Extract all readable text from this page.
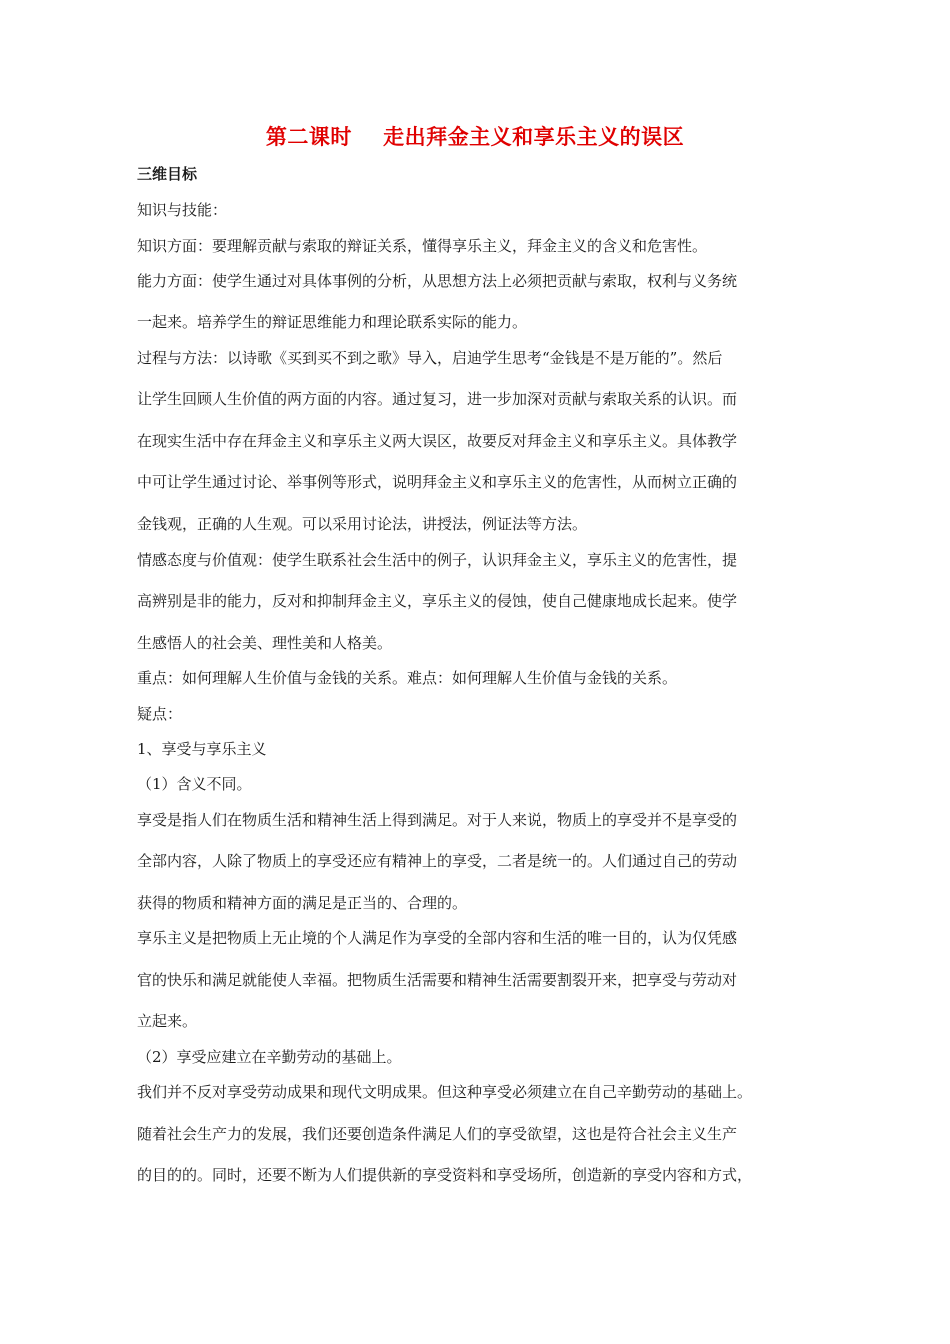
第二课时    走出拜金主义和享乐主义的误区

三维目标

知识与技能：

知识方面：要理解贡献与索取的辩证关系，懂得享乐主义，拜金主义的含义和危害性。

能力方面：使学生通过对具体事例的分析，从思想方法上必须把贡献与索取，权利与义务统

一起来。培养学生的辩证思维能力和理论联系实际的能力。

过程与方法：以诗歌《买到买不到之歌》导入，启迪学生思考“金钱是不是万能的”。然后

让学生回顾人生价值的两方面的内容。通过复习，进一步加深对贡献与索取关系的认识。而

在现实生活中存在拜金主义和享乐主义两大误区，故要反对拜金主义和享乐主义。具体教学

中可让学生通过讨论、举事例等形式，说明拜金主义和享乐主义的危害性，从而树立正确的

金钱观，正确的人生观。可以采用讨论法，讲授法，例证法等方法。

情感态度与价值观：使学生联系社会生活中的例子，认识拜金主义，享乐主义的危害性，提

高辨别是非的能力，反对和抑制拜金主义，享乐主义的侵蚀，使自己健康地成长起来。使学

生感悟人的社会美、理性美和人格美。

重点：如何理解人生价值与金钱的关系。难点：如何理解人生价值与金钱的关系。

疑点：

1、享受与享乐主义

（1）含义不同。

享受是指人们在物质生活和精神生活上得到满足。对于人来说，物质上的享受并不是享受的

全部内容，人除了物质上的享受还应有精神上的享受，二者是统一的。人们通过自己的劳动

获得的物质和精神方面的满足是正当的、合理的。

享乐主义是把物质上无止境的个人满足作为享受的全部内容和生活的唯一目的，认为仅凭感

官的快乐和满足就能使人幸福。把物质生活需要和精神生活需要割裂开来，把享受与劳动对

立起来。

（2）享受应建立在辛勤劳动的基础上。

我们并不反对享受劳动成果和现代文明成果。但这种享受必须建立在自己辛勤劳动的基础上。

随着社会生产力的发展，我们还要创造条件满足人们的享受欲望，这也是符合社会主义生产

的目的的。同时，还要不断为人们提供新的享受资料和享受场所，创造新的享受内容和方式，
